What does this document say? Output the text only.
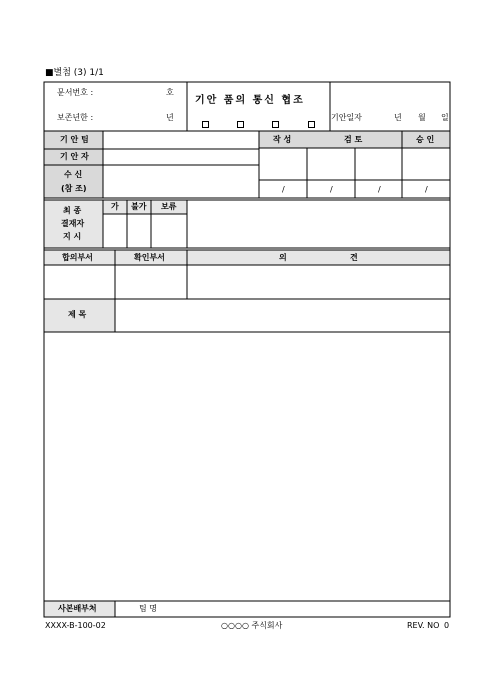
■별첨 (3) 1/1
문서번호 :	호
보존년한 :	년
기안 품의 통신 협조
기안일자	년 월 일
기 안 팀
기 안 자
수 신
(참 조)
작 성	검 토	승 인
/	/	/	/
최 종
결재자
지 시
가 불가 보류
합의부서	확인부서	의	견
제 목
사본배부처	팀 명
XXXX-B-100-02	○○○○ 주식회사	REV. NO 0
